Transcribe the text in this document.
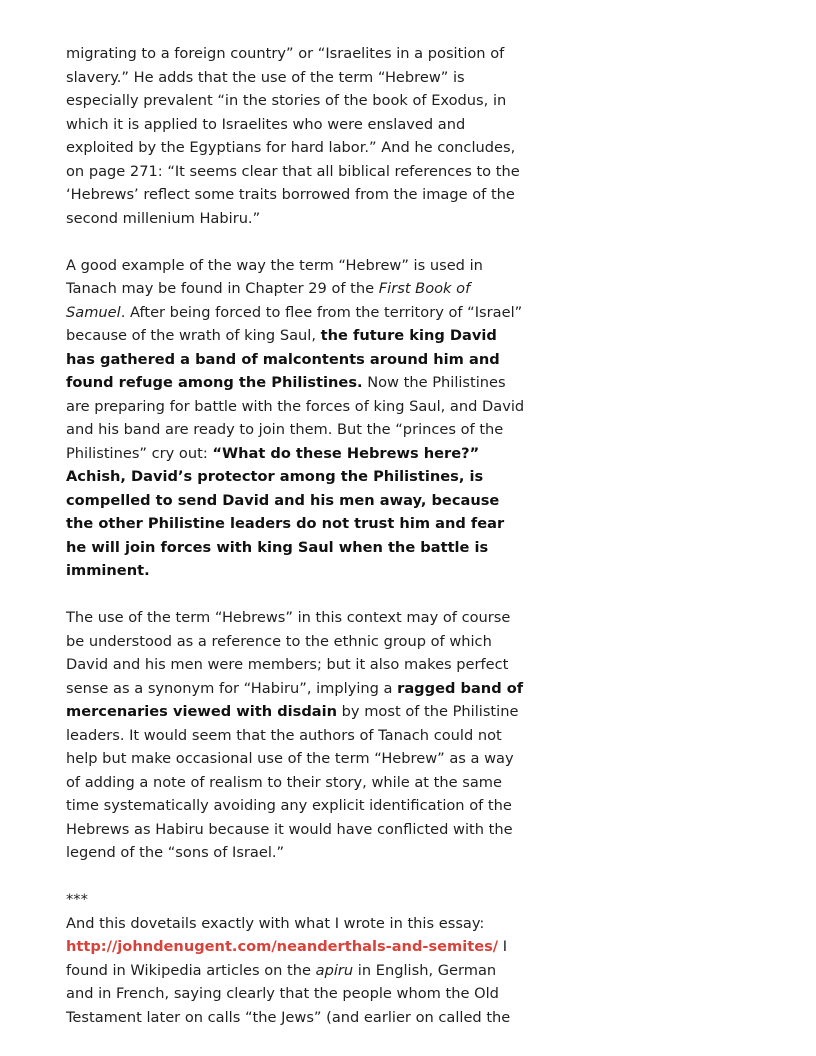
migrating to a foreign country” or “Israelites in a position of slavery.” He adds that the use of the term “Hebrew” is especially prevalent “in the stories of the book of Exodus, in which it is applied to Israelites who were enslaved and exploited by the Egyptians for hard labor.” And he concludes, on page 271: “It seems clear that all biblical references to the ‘Hebrews’ reflect some traits borrowed from the image of the second millenium Habiru.”

A good example of the way the term “Hebrew” is used in Tanach may be found in Chapter 29 of the First Book of Samuel. After being forced to flee from the territory of “Israel” because of the wrath of king Saul, the future king David has gathered a band of malcontents around him and found refuge among the Philistines. Now the Philistines are preparing for battle with the forces of king Saul, and David and his band are ready to join them. But the “princes of the Philistines” cry out: “What do these Hebrews here?” Achish, David’s protector among the Philistines, is compelled to send David and his men away, because the other Philistine leaders do not trust him and fear he will join forces with king Saul when the battle is imminent.

The use of the term “Hebrews” in this context may of course be understood as a reference to the ethnic group of which David and his men were members; but it also makes perfect sense as a synonym for “Habiru”, implying a ragged band of mercenaries viewed with disdain by most of the Philistine leaders. It would seem that the authors of Tanach could not help but make occasional use of the term “Hebrew” as a way of adding a note of realism to their story, while at the same time systematically avoiding any explicit identification of the Hebrews as Habiru because it would have conflicted with the legend of the “sons of Israel.”

***

And this dovetails exactly with what I wrote in this essay: http://johndenugent.com/neanderthals-and-semites/ I found in Wikipedia articles on the apiru in English, German and in French, saying clearly that the people whom the Old Testament later on calls “the Jews” (and earlier on called the
